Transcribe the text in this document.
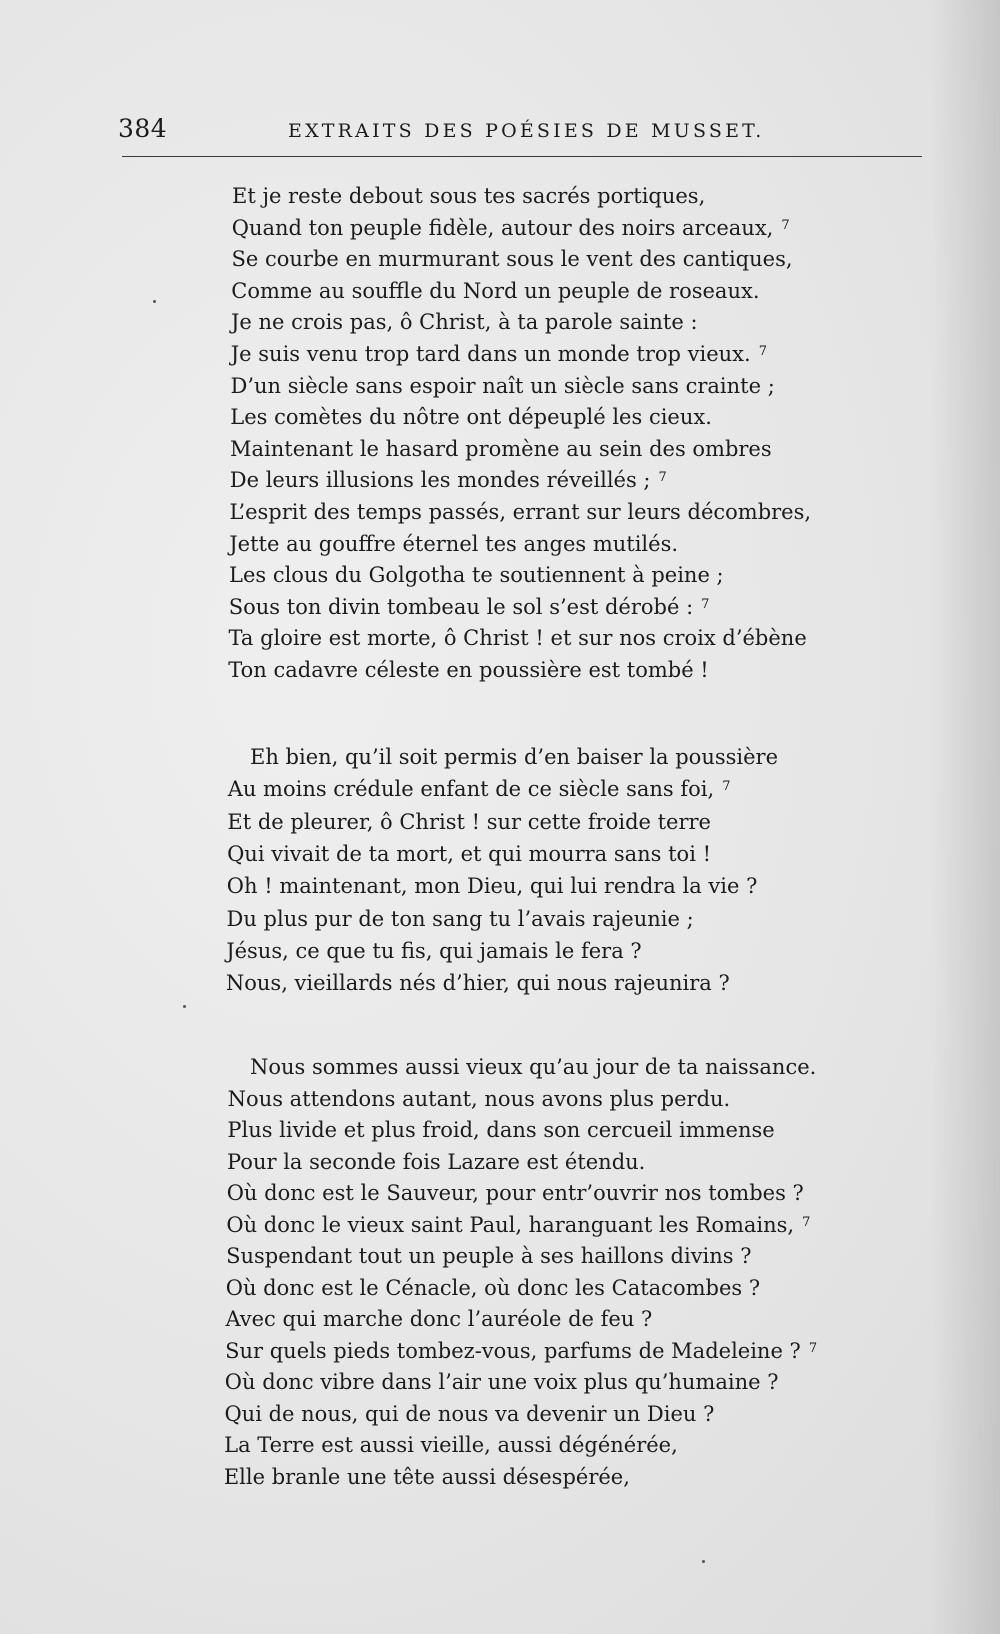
384	EXTRAITS DES POÉSIES DE MUSSET.
Et je reste debout sous tes sacrés portiques,
Quand ton peuple fidèle, autour des noirs arceaux, $^7$
Se courbe en murmurant sous le vent des cantiques,
Comme au souffle du Nord un peuple de roseaux.
Je ne crois pas, ô Christ, à ta parole sainte :
Je suis venu trop tard dans un monde trop vieux. $^7$
D’un siècle sans espoir naît un siècle sans crainte ;
Les comètes du nôtre ont dépeuplé les cieux.
Maintenant le hasard promène au sein des ombres
De leurs illusions les mondes réveillés ; $^7$
L’esprit des temps passés, errant sur leurs décombres,
Jette au gouffre éternel tes anges mutilés.
Les clous du Golgotha te soutiennent à peine ;
Sous ton divin tombeau le sol s’est dérobé : $^7$
Ta gloire est morte, ô Christ ! et sur nos croix d’ébène
Ton cadavre céleste en poussière est tombé !
Eh bien, qu’il soit permis d’en baiser la poussière
Au moins crédule enfant de ce siècle sans foi, $^7$
Et de pleurer, ô Christ ! sur cette froide terre
Qui vivait de ta mort, et qui mourra sans toi !
Oh ! maintenant, mon Dieu, qui lui rendra la vie ?
Du plus pur de ton sang tu l’avais rajeunie ;
Jésus, ce que tu fis, qui jamais le fera ?
Nous, vieillards nés d’hier, qui nous rajeunira ?
Nous sommes aussi vieux qu’au jour de ta naissance.
Nous attendons autant, nous avons plus perdu.
Plus livide et plus froid, dans son cercueil immense
Pour la seconde fois Lazare est étendu.
Où donc est le Sauveur, pour entr’ouvrir nos tombes ?
Où donc le vieux saint Paul, haranguant les Romains, $^7$
Suspendant tout un peuple à ses haillons divins ?
Où donc est le Cénacle, où donc les Catacombes ?
Avec qui marche donc l’auréole de feu ?
Sur quels pieds tombez-vous, parfums de Madeleine ? $^7$
Où donc vibre dans l’air une voix plus qu’humaine ?
Qui de nous, qui de nous va devenir un Dieu ?
La Terre est aussi vieille, aussi dégénérée,
Elle branle une tête aussi désespérée,
